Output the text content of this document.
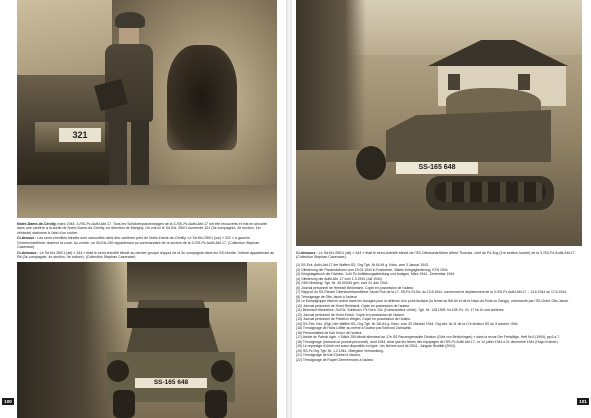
321

Notre-Dame-de-Cénilly, mars 1944, 3./SS-Pz.Aufkl.Abt.17. Tous les Schützenpanzerwagen de la 3./SS-Pz.Aufkl.Abt.17 ont été recouverts et mis en sécurité dans une carrière à la sortie de Notre-Dame-de-Cénilly, en direction de Marigny. On voit ici le Sd.Kfz. 250/1 numéroté 321 (3e compagnie, 2e section, 1er véhicule) stationné à l'abri d'un rocher.

Ci-dessus : Les semi-chenillés blindés sont camouflés dans des carrières près de Notre-Dame-de-Cénilly. Le Sd.Kfz.250/1 (sw) « 321 » à gauche, l'Unterscharführer observe la zone. Au centre, un Sd.Kfz.250 appartenant au commandant de la section de la 3./SS-Pz.Aufkl.Abt.17. (Collection Stephan Cazenave).

Ci-dessous : Le Sd.Kfz.250/1 (alt) « 344 » était le semi-chenillé blindé au dernier groupe d'appui de la 3e compagnie dans les SS-Nordte. Voiture appartenant au Rtt.(3e compagnie, 4e section, 4e voiture). (Collection Stephan Cazenave).

SS-165 648
100
SS-165 648

Ci-dessous : Le Sd.Kfz.250/1 (alt) « 344 » était le semi-chenillé blindé de l'SS-Oberscharführer Alfred Thomas, chef du Pz.Zug (1re section lourde) de la 3./SS-Pz.Aufkl.Abt.17. (Collection Stephan Cazenave).

(1) SS-Pzk. Aufkl.Abt.17 der Waffen-SS, Org.Tgb. Nr.61/44 g. Kdos. vom 3 Januar 1943.
(2) Gliederung der Panzerdivision vom 15.03.1944 in Frankreich. Stärke Kriegsgliederung, KTN 1944.
(3) Kriegstagebuch der Division, 1/44 Pz.Aufklärungsabteilung und Anlagen, März 1944 - Dezember 1944.
(4) Gliederung der Aufkl.Abt. 17 vom 1.3.1944 (Juli 1944).
(5) OKH Meldung: Tgb. Nr. 45.000/44 geh. vom 24 Juni 1944.
(6) Journal personnel de Heinrich Brinkmann. Copie en possession de l'auteur.
(7) Rapport du SS-Panzer Obersturmbannführer Jacob Fick de la 17. SS-Pz.Gr.Div. du 13.6.1944, concernant le déplacement de la 3./SS-Pz.Aufkl.Abt.17. ; 13.6.1944 au 17.6.1944.
(8) Témoignage de Otto Jacob à l'auteur.
(9) Le Kampfgruppe était en action dans les bocages pour la défense d'un point tactique (la ferme du Bel Air et de la Haye-du-Puits ou Dangy), commandé par l'SS-Ostuf. Otto Jacob.
(10) Journal personnel de Horst Reinhardt. Copie en possession de l'auteur.
(11) Bernhard Wennekes, Sd.Kfz. Soldbuch. Pz.Gren. Div. (Kommandeur Ulrich). Tgb. Nr. 128.1945. Nr.128; Pz. Gr. 17 Nr.10 und weiteres.
(12) Journal personnel de Horst Kirsch. Copie en possession de l'auteur.
(13) Journal personnel de Friedrich Wegen. Copie en possession de l'auteur.
(14) SS-Pzk. Kdo. (Rgt.) der Waffen-SS, Org.Tgb. Nr.161/44 g. Kdos. vom 29 Oktober 1944. Org.Abt. Nr.11 de la 17e division SS du 3 octobre 1944.
(15) Témoignage de Hans Löffler au même à l'auteur par Edmond Zahradnik.
(16) Personnalités de Karl Kreuz de l'auteur.
(17) Article de Patrick Agte, « Sdkfz 250 blindé allemand au 17e SS Panzergrenadier Division (Götz von Berlichingen) » dans la revue Der Freiwillige, Heft Nr.6 (1994), pp.6 à 7.
(18) Témoignage (incluant un journal personnel), août 1944, ainsi que les fiches des équipages de l'SS-Pz.Aufkl.Abt.17. Le 14 juillet 1944 à 21 décembre 1944 (Hugo Kramer).
(19) Le reportage d'Ulrich est aussi disponible en ligne ; les fichiers sont de 2004 : Jüngste Realität (2004).
(20) SS-Pz.Org.Tgb. Nr. 1.2.1944, Übergabe Verhandlung.
(21) Témoignage de Karl Goebel à l'auteur.
(22) Témoignage de Rupert Zimmermann à l'auteur.
101
